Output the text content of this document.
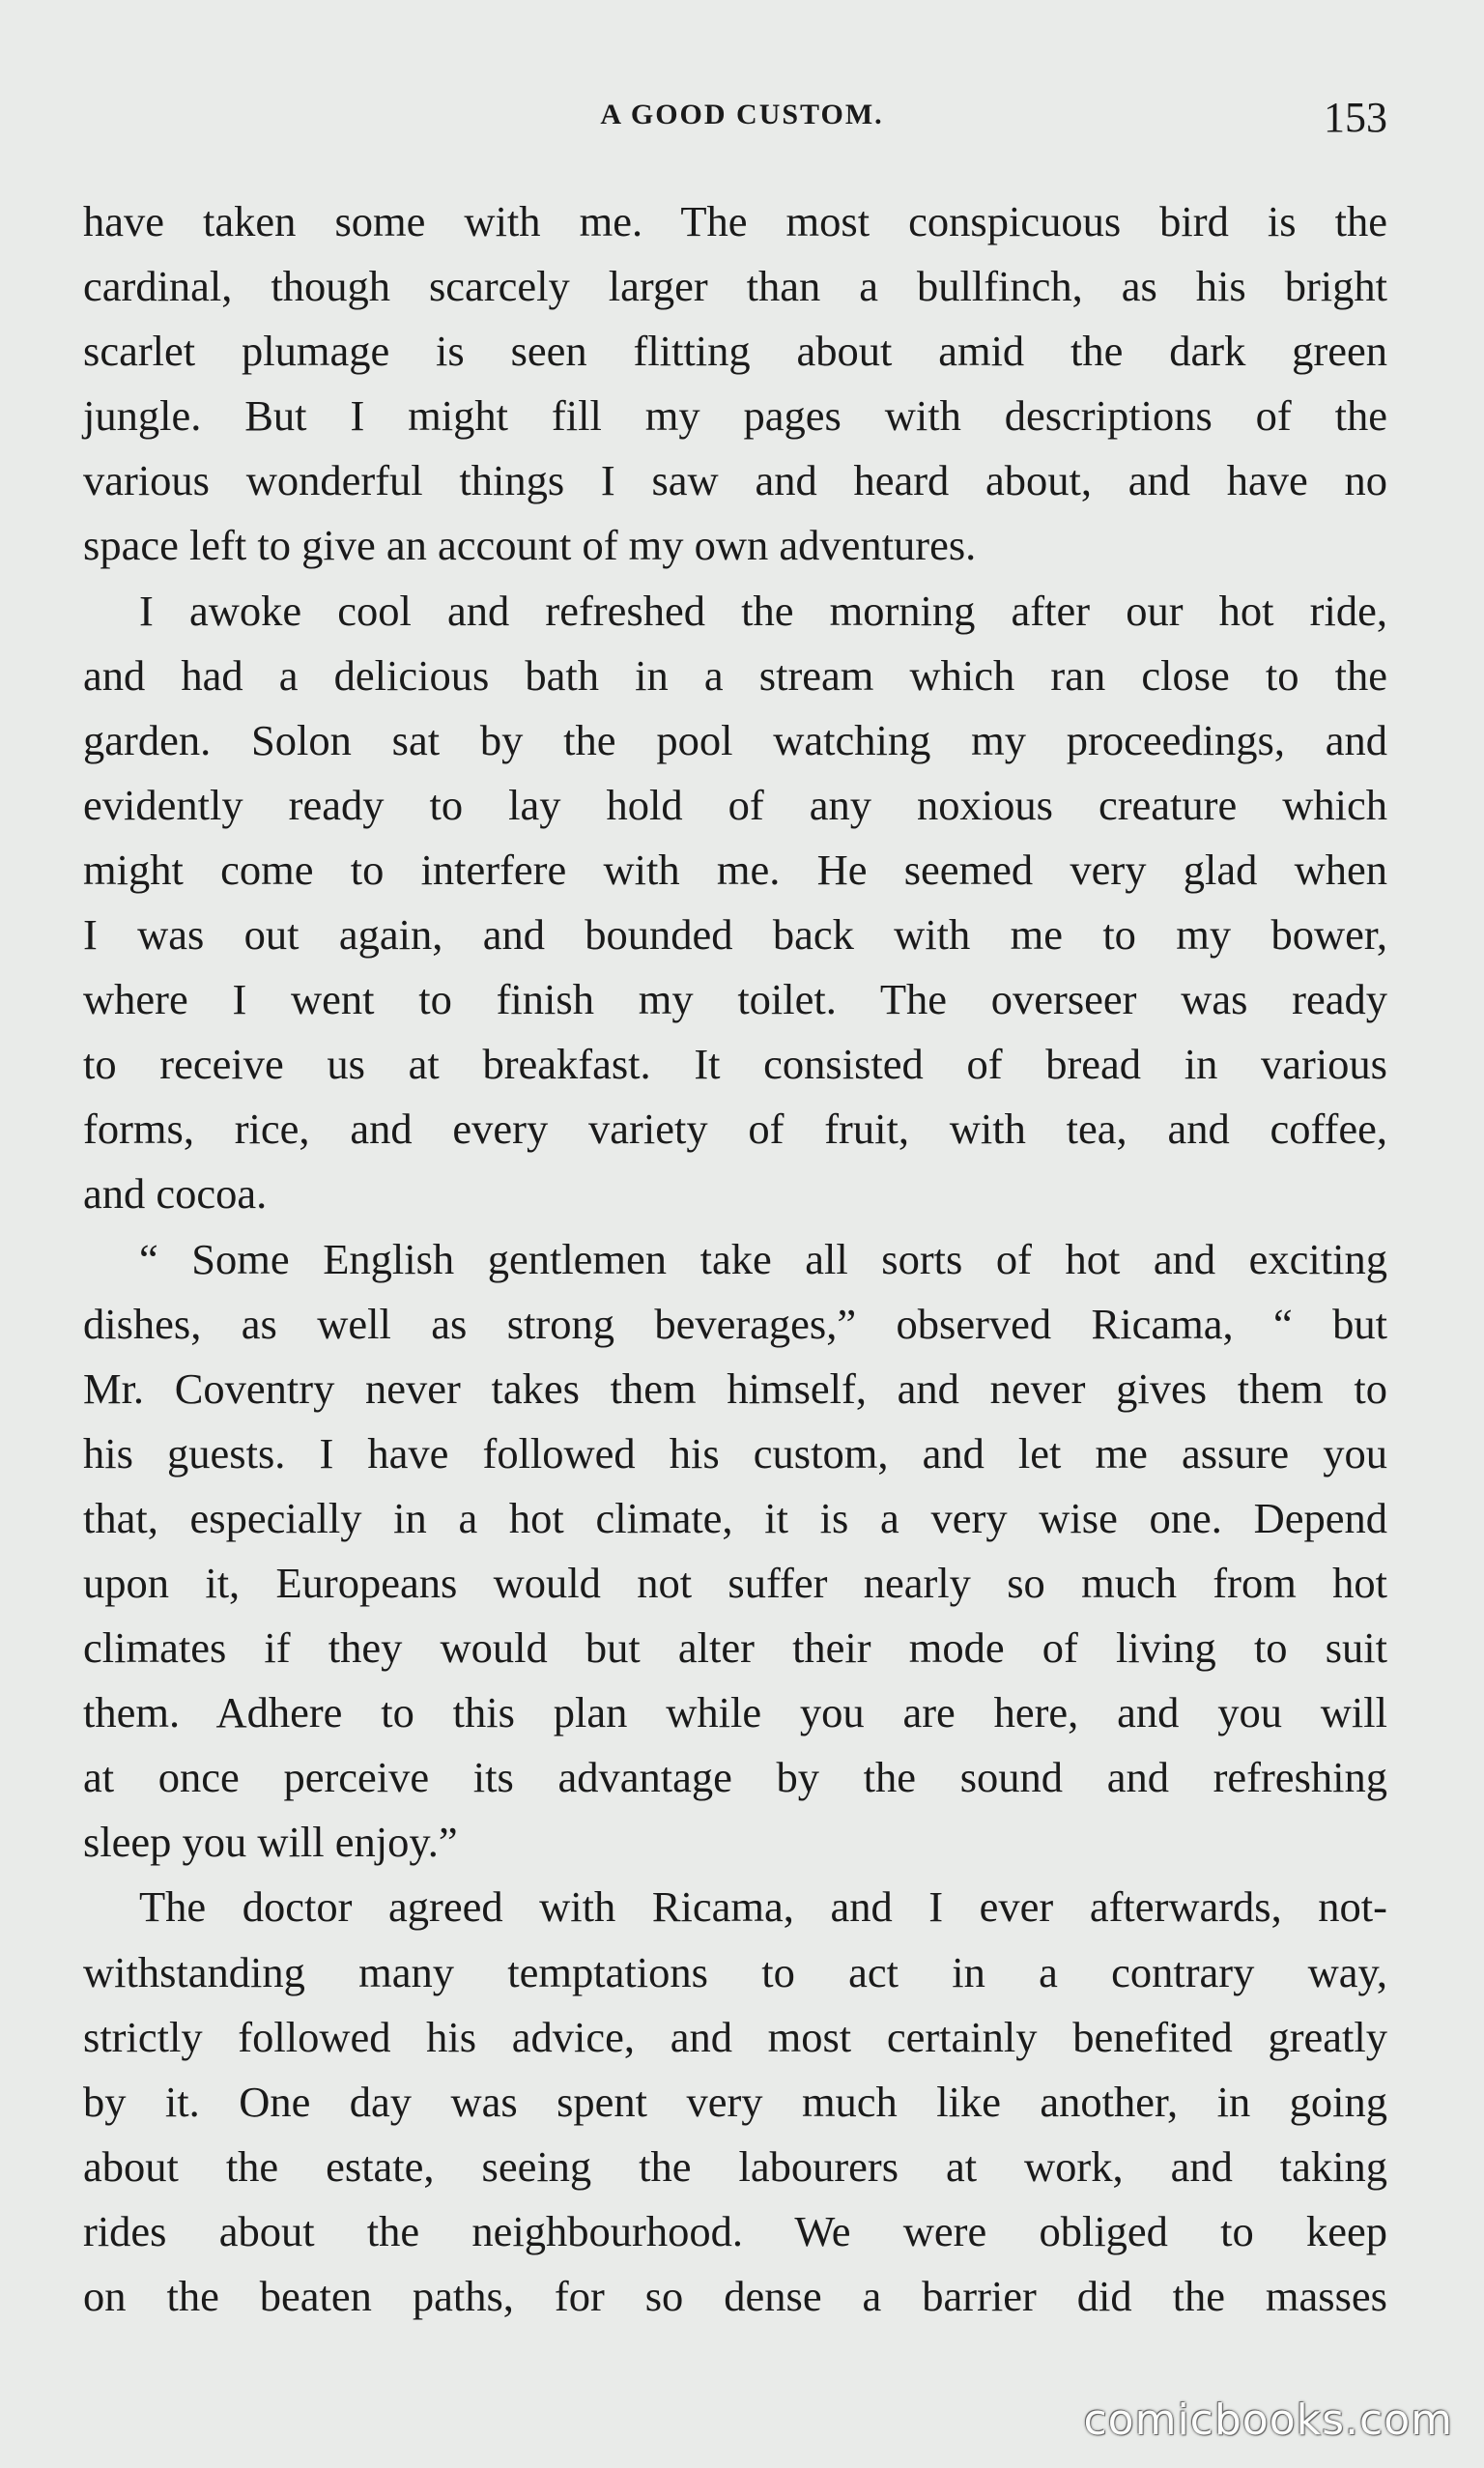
A GOOD CUSTOM.	153
have taken some with me. The most conspicuous bird is the
cardinal, though scarcely larger than a bullfinch, as his bright
scarlet plumage is seen flitting about amid the dark green
jungle. But I might fill my pages with descriptions of the
various wonderful things I saw and heard about, and have no
space left to give an account of my own adventures.
I awoke cool and refreshed the morning after our hot ride,
and had a delicious bath in a stream which ran close to the
garden. Solon sat by the pool watching my proceedings, and
evidently ready to lay hold of any noxious creature which
might come to interfere with me. He seemed very glad when
I was out again, and bounded back with me to my bower,
where I went to finish my toilet. The overseer was ready
to receive us at breakfast. It consisted of bread in various
forms, rice, and every variety of fruit, with tea, and coffee,
and cocoa.
“ Some English gentlemen take all sorts of hot and exciting
dishes, as well as strong beverages,” observed Ricama, “ but
Mr. Coventry never takes them himself, and never gives them to
his guests. I have followed his custom, and let me assure you
that, especially in a hot climate, it is a very wise one. Depend
upon it, Europeans would not suffer nearly so much from hot
climates if they would but alter their mode of living to suit
them. Adhere to this plan while you are here, and you will
at once perceive its advantage by the sound and refreshing
sleep you will enjoy.”
The doctor agreed with Ricama, and I ever afterwards, not-
withstanding many temptations to act in a contrary way,
strictly followed his advice, and most certainly benefited greatly
by it. One day was spent very much like another, in going
about the estate, seeing the labourers at work, and taking
rides about the neighbourhood. We were obliged to keep
on the beaten paths, for so dense a barrier did the masses
comicbooks.com
